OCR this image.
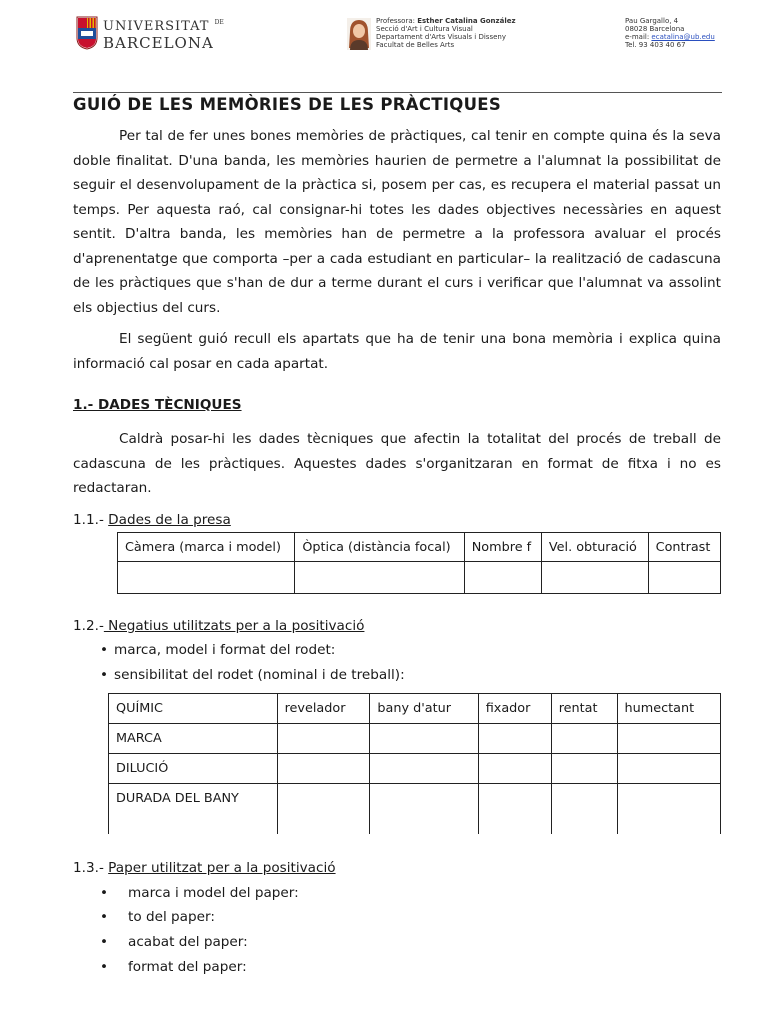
UNIVERSITAT $^{DE}$
BARCELONA
Professora: Esther Catalina González
Secció d'Art i Cultura Visual
Departament d'Arts Visuals i Disseny
Facultat de Belles Arts
Pau Gargallo, 4
08028 Barcelona
e-mail: ecatalina@ub.edu
Tel. 93 403 40 67
GUIÓ DE LES MEMÒRIES DE LES PRÀCTIQUES

Per tal de fer unes bones memòries de pràctiques, cal tenir en compte quina és la seva doble finalitat. D'una banda, les memòries haurien de permetre a l'alumnat la possibilitat de seguir el desenvolupament de la pràctica si, posem per cas, es recupera el material passat un temps. Per aquesta raó, cal consignar-hi totes les dades objectives necessàries en aquest sentit. D'altra banda, les memòries han de permetre a la professora avaluar el procés d'aprenentatge que comporta –per a cada estudiant en particular– la realització de cadascuna de les pràctiques que s'han de dur a terme durant el curs i verificar que l'alumnat va assolint els objectius del curs.

El següent guió recull els apartats que ha de tenir una bona memòria i explica quina informació cal posar en cada apartat.

1.- DADES TÈCNIQUES

Caldrà posar-hi les dades tècniques que afectin la totalitat del procés de treball de cadascuna de les pràctiques. Aquestes dades s'organitzaran en format de fitxa i no es redactaran.

1.1.- Dades de la presa
Càmera (marca i model)	Òptica (distància focal)	Nombre f	Vel. obturació	Contrast

1.2.- Negatius utilitzats per a la positivació
• marca, model i format del rodet:
• sensibilitat del rodet (nominal i de treball):
QUÍMIC	revelador	bany d'atur	fixador	rentat	humectant
MARCA					
DILUCIÓ					
DURADA DEL BANY					
1.3.- Paper utilitzat per a la positivació
• marca i model del paper:
• to del paper:
• acabat del paper:
• format del paper:
